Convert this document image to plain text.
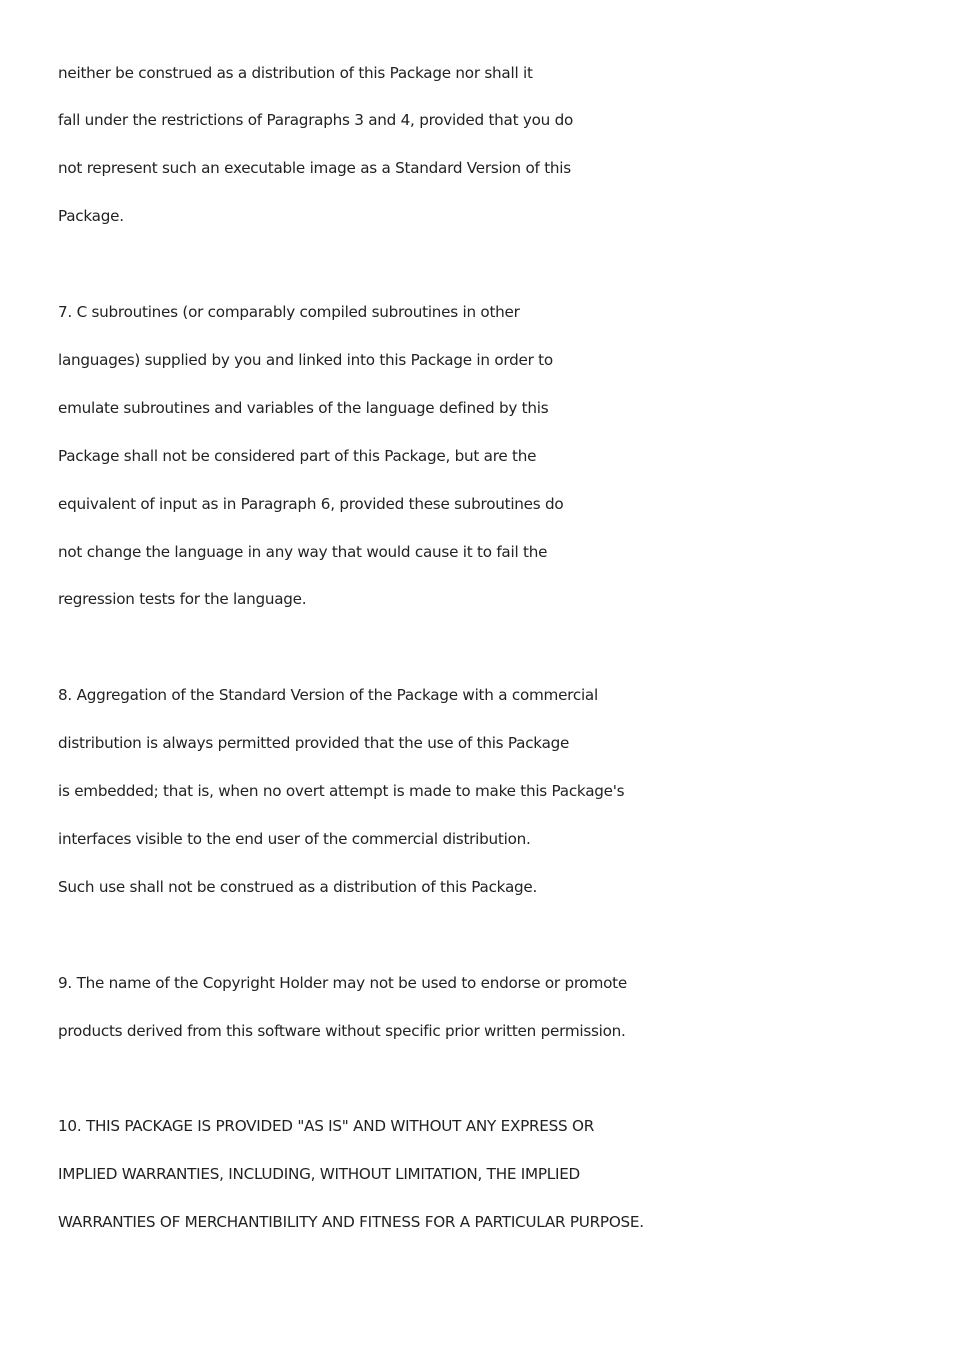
neither be construed as a distribution of this Package nor shall it

fall under the restrictions of Paragraphs 3 and 4, provided that you do

not represent such an executable image as a Standard Version of this

Package.

7. C subroutines (or comparably compiled subroutines in other

languages) supplied by you and linked into this Package in order to

emulate subroutines and variables of the language defined by this

Package shall not be considered part of this Package, but are the

equivalent of input as in Paragraph 6, provided these subroutines do

not change the language in any way that would cause it to fail the

regression tests for the language.

8. Aggregation of the Standard Version of the Package with a commercial

distribution is always permitted provided that the use of this Package

is embedded; that is, when no overt attempt is made to make this Package's

interfaces visible to the end user of the commercial distribution.

Such use shall not be construed as a distribution of this Package.

9. The name of the Copyright Holder may not be used to endorse or promote

products derived from this software without specific prior written permission.

10. THIS PACKAGE IS PROVIDED "AS IS" AND WITHOUT ANY EXPRESS OR

IMPLIED WARRANTIES, INCLUDING, WITHOUT LIMITATION, THE IMPLIED

WARRANTIES OF MERCHANTIBILITY AND FITNESS FOR A PARTICULAR PURPOSE.
